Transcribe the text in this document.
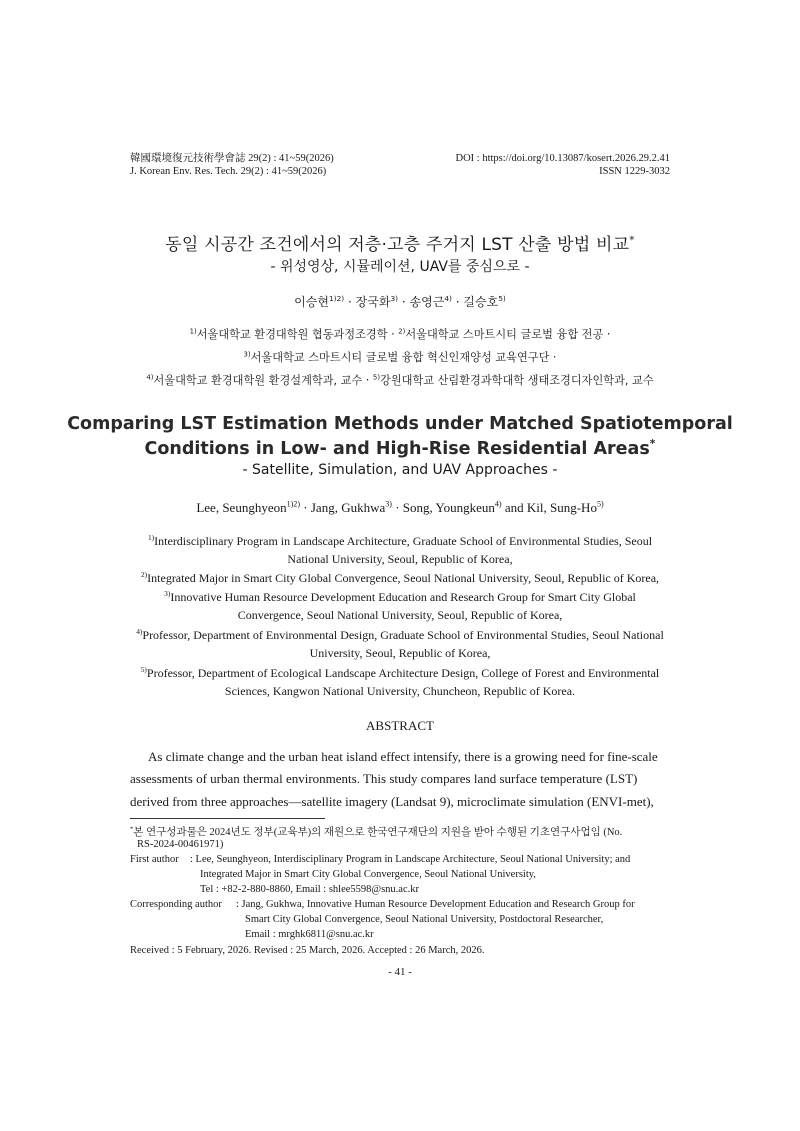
韓國環境復元技術學會誌 29(2) : 41~59(2026)
J. Korean Env. Res. Tech. 29(2) : 41~59(2026)
DOI : https://doi.org/10.13087/kosert.2026.29.2.41
ISSN 1229-3032
동일 시공간 조건에서의 저층·고층 주거지 LST 산출 방법 비교*
- 위성영상, 시뮬레이션, UAV를 중심으로 -
이승현$^{1)2)}$ · 장국화$^{3)}$ · 송영근$^{4)}$ · 길승호$^{5)}$
$^{1)}$서울대학교 환경대학원 협동과정조경학 · $^{2)}$서울대학교 스마트시티 글로벌 융합 전공 ·
$^{3)}$서울대학교 스마트시티 글로벌 융합 혁신인재양성 교육연구단 ·
$^{4)}$서울대학교 환경대학원 환경설계학과, 교수 · $^{5)}$강원대학교 산림환경과학대학 생태조경디자인학과, 교수
Comparing LST Estimation Methods under Matched Spatiotemporal
Conditions in Low- and High-Rise Residential Areas*
- Satellite, Simulation, and UAV Approaches -
Lee, Seunghyeon$^{1)2)}$ · Jang, Gukhwa$^{3)}$ · Song, Youngkeun$^{4)}$ and Kil, Sung-Ho$^{5)}$
$^{1)}$Interdisciplinary Program in Landscape Architecture, Graduate School of Environmental Studies, Seoul
National University, Seoul, Republic of Korea,
$^{2)}$Integrated Major in Smart City Global Convergence, Seoul National University, Seoul, Republic of Korea,
$^{3)}$Innovative Human Resource Development Education and Research Group for Smart City Global
Convergence, Seoul National University, Seoul, Republic of Korea,
$^{4)}$Professor, Department of Environmental Design, Graduate School of Environmental Studies, Seoul National
University, Seoul, Republic of Korea,
$^{5)}$Professor, Department of Ecological Landscape Architecture Design, College of Forest and Environmental
Sciences, Kangwon National University, Chuncheon, Republic of Korea.
ABSTRACT
As climate change and the urban heat island effect intensify, there is a growing need for fine-scale
assessments of urban thermal environments. This study compares land surface temperature (LST)
derived from three approaches—satellite imagery (Landsat 9), microclimate simulation (ENVI-met),
*본 연구성과물은 2024년도 정부(교육부)의 재원으로 한국연구재단의 지원을 받아 수행된 기초연구사업임 (No.
RS-2024-00461971)
First author : Lee, Seunghyeon, Interdisciplinary Program in Landscape Architecture, Seoul National University; and
Integrated Major in Smart City Global Convergence, Seoul National University,
Tel : +82-2-880-8860, Email : shlee5598@snu.ac.kr
Corresponding author : Jang, Gukhwa, Innovative Human Resource Development Education and Research Group for
Smart City Global Convergence, Seoul National University, Postdoctoral Researcher,
Email : mrghk6811@snu.ac.kr
Received : 5 February, 2026. Revised : 25 March, 2026. Accepted : 26 March, 2026.
- 41 -
